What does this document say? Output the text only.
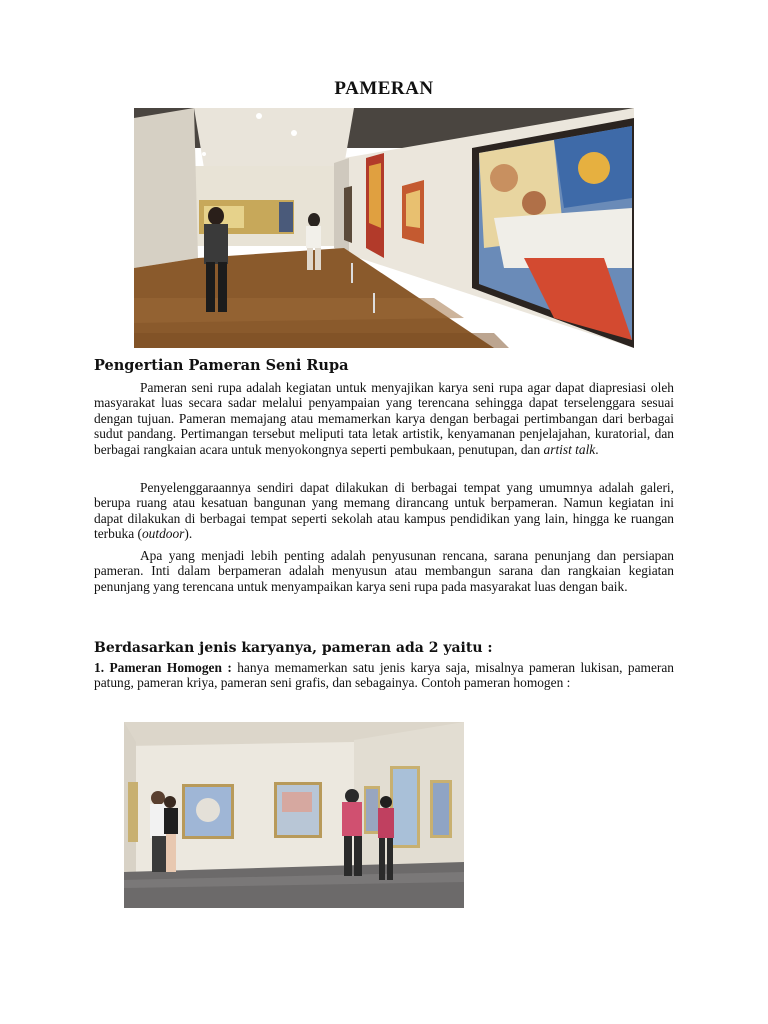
PAMERAN
Pengertian Pameran Seni Rupa

Pameran seni rupa adalah kegiatan untuk menyajikan karya seni rupa agar dapat diapresiasi oleh masyarakat luas secara sadar melalui penyampaian yang terencana sehingga dapat terselenggara sesuai dengan tujuan. Pameran memajang atau memamerkan karya dengan berbagai pertimbangan dari berbagai sudut pandang. Pertimangan tersebut meliputi tata letak artistik, kenyamanan penjelajahan, kuratorial, dan berbagai rangkaian acara untuk menyokongnya seperti pembukaan, penutupan, dan artist talk.

Penyelenggaraannya sendiri dapat dilakukan di berbagai tempat yang umumnya adalah galeri, berupa ruang atau kesatuan bangunan yang memang dirancang untuk berpameran. Namun kegiatan ini dapat dilakukan di berbagai tempat seperti sekolah atau kampus pendidikan yang lain, hingga ke ruangan terbuka (outdoor).

Apa yang menjadi lebih penting adalah penyusunan rencana, sarana penunjang dan persiapan pameran. Inti dalam berpameran adalah menyusun atau membangun sarana dan rangkaian kegiatan penunjang yang terencana untuk menyampaikan karya seni rupa pada masyarakat luas dengan baik.

Berdasarkan jenis karyanya, pameran ada 2 yaitu :

1. Pameran Homogen : hanya memamerkan satu jenis karya saja, misalnya pameran lukisan, pameran patung, pameran kriya, pameran seni grafis, dan sebagainya. Contoh pameran homogen :
